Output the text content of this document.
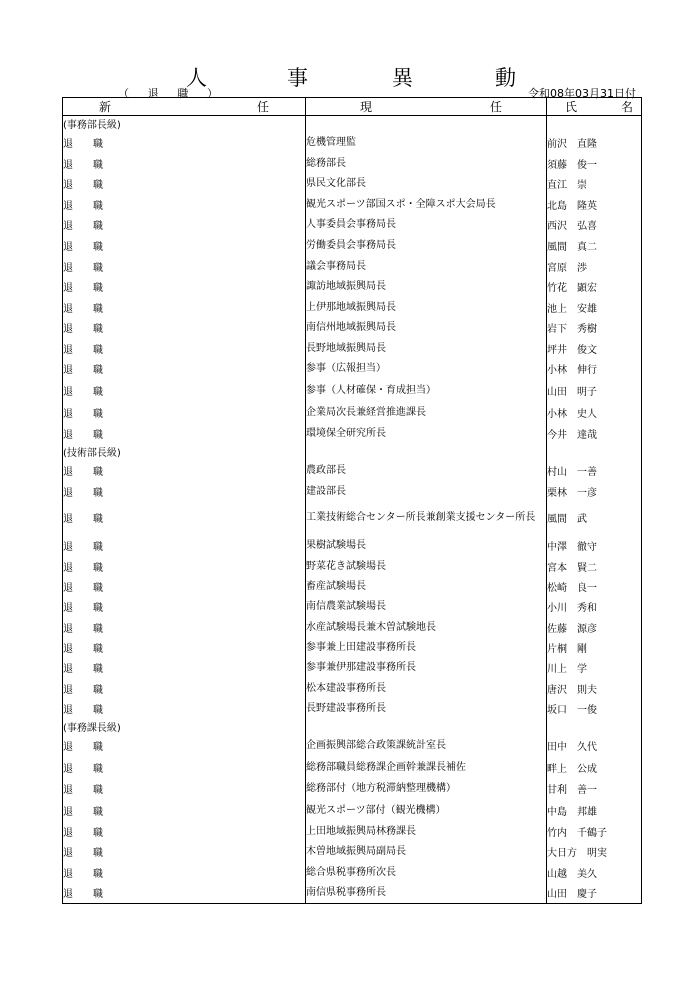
人	事	異	動
（ 退 職 ）	令和08年03月31日付
新 任	現 任	氏 名

(事務部長級)		
退 職	危機管理監	前沢 直隆
退 職	総務部長	須藤 俊一
退 職	県民文化部長	直江 崇
退 職	観光スポーツ部国スポ・全障スポ大会局長	北島 隆英
退 職	人事委員会事務局長	西沢 弘喜
退 職	労働委員会事務局長	風間 真二
退 職	議会事務局長	宮原 渉
退 職	諏訪地域振興局長	竹花 顕宏
退 職	上伊那地域振興局長	池上 安雄
退 職	南信州地域振興局長	岩下 秀樹
退 職	長野地域振興局長	坪井 俊文
退 職	参事（広報担当）	小林 伸行
退 職	参事（人材確保・育成担当）	山田 明子
退 職	企業局次長兼経営推進課長	小林 史人
退 職	環境保全研究所長	今井 達哉
(技術部長級)		
退 職	農政部長	村山 一善
退 職	建設部長	栗林 一彦
退 職	工業技術総合センター所長兼創業支援センター所長	風間 武
退 職	果樹試験場長	中澤 徹守
退 職	野菜花き試験場長	宮本 賢二
退 職	畜産試験場長	松崎 良一
退 職	南信農業試験場長	小川 秀和
退 職	水産試験場長兼木曽試験地長	佐藤 源彦
退 職	参事兼上田建設事務所長	片桐 剛
退 職	参事兼伊那建設事務所長	川上 学
退 職	松本建設事務所長	唐沢 則夫
退 職	長野建設事務所長	坂口 一俊
(事務課長級)		
退 職	企画振興部総合政策課統計室長	田中 久代
退 職	総務部職員総務課企画幹兼課長補佐	畔上 公成
退 職	総務部付（地方税滞納整理機構）	甘利 善一
退 職	観光スポーツ部付（観光機構）	中島 邦雄
退 職	上田地域振興局林務課長	竹内 千鶴子
退 職	木曽地域振興局副局長	大日方 明実
退 職	総合県税事務所次長	山越 美久
退 職	南信県税事務所長	山田 慶子
